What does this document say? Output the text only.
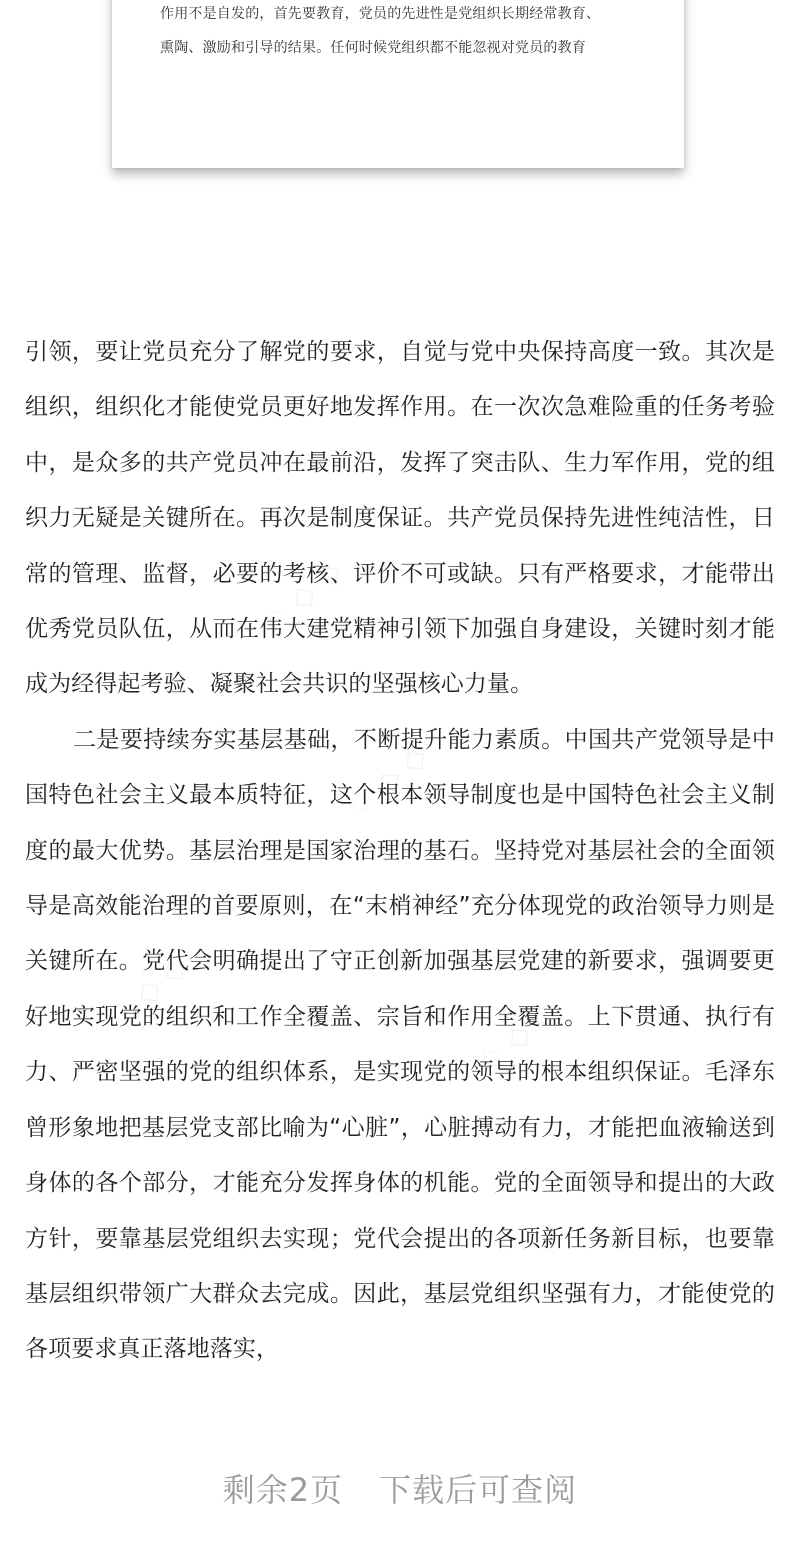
作用不是自发的，首先要教育，党员的先进性是党组织长期经常教育、
熏陶、激励和引导的结果。任何时候党组织都不能忽视对党员的教育

引领，要让党员充分了解党的要求，自觉与党中央保持高度一致。其次是组织，组织化才能使党员更好地发挥作用。在一次次急难险重的任务考验中，是众多的共产党员冲在最前沿，发挥了突击队、生力军作用，党的组织力无疑是关键所在。再次是制度保证。共产党员保持先进性纯洁性，日常的管理、监督，必要的考核、评价不可或缺。只有严格要求，才能带出优秀党员队伍，从而在伟大建党精神引领下加强自身建设，关键时刻才能成为经得起考验、凝聚社会共识的坚强核心力量。

二是要持续夯实基层基础，不断提升能力素质。中国共产党领导是中国特色社会主义最本质特征，这个根本领导制度也是中国特色社会主义制度的最大优势。基层治理是国家治理的基石。坚持党对基层社会的全面领导是高效能治理的首要原则，在“末梢神经”充分体现党的政治领导力则是关键所在。党代会明确提出了守正创新加强基层党建的新要求，强调要更好地实现党的组织和工作全覆盖、宗旨和作用全覆盖。上下贯通、执行有力、严密坚强的党的组织体系，是实现党的领导的根本组织保证。毛泽东曾形象地把基层党支部比喻为“心脏”，心脏搏动有力，才能把血液输送到身体的各个部分，才能充分发挥身体的机能。党的全面领导和提出的大政方针，要靠基层党组织去实现；党代会提出的各项新任务新目标，也要靠基层组织带领广大群众去完成。因此，基层党组织坚强有力，才能使党的各项要求真正落地落实，

剩余2页 下载后可查阅
